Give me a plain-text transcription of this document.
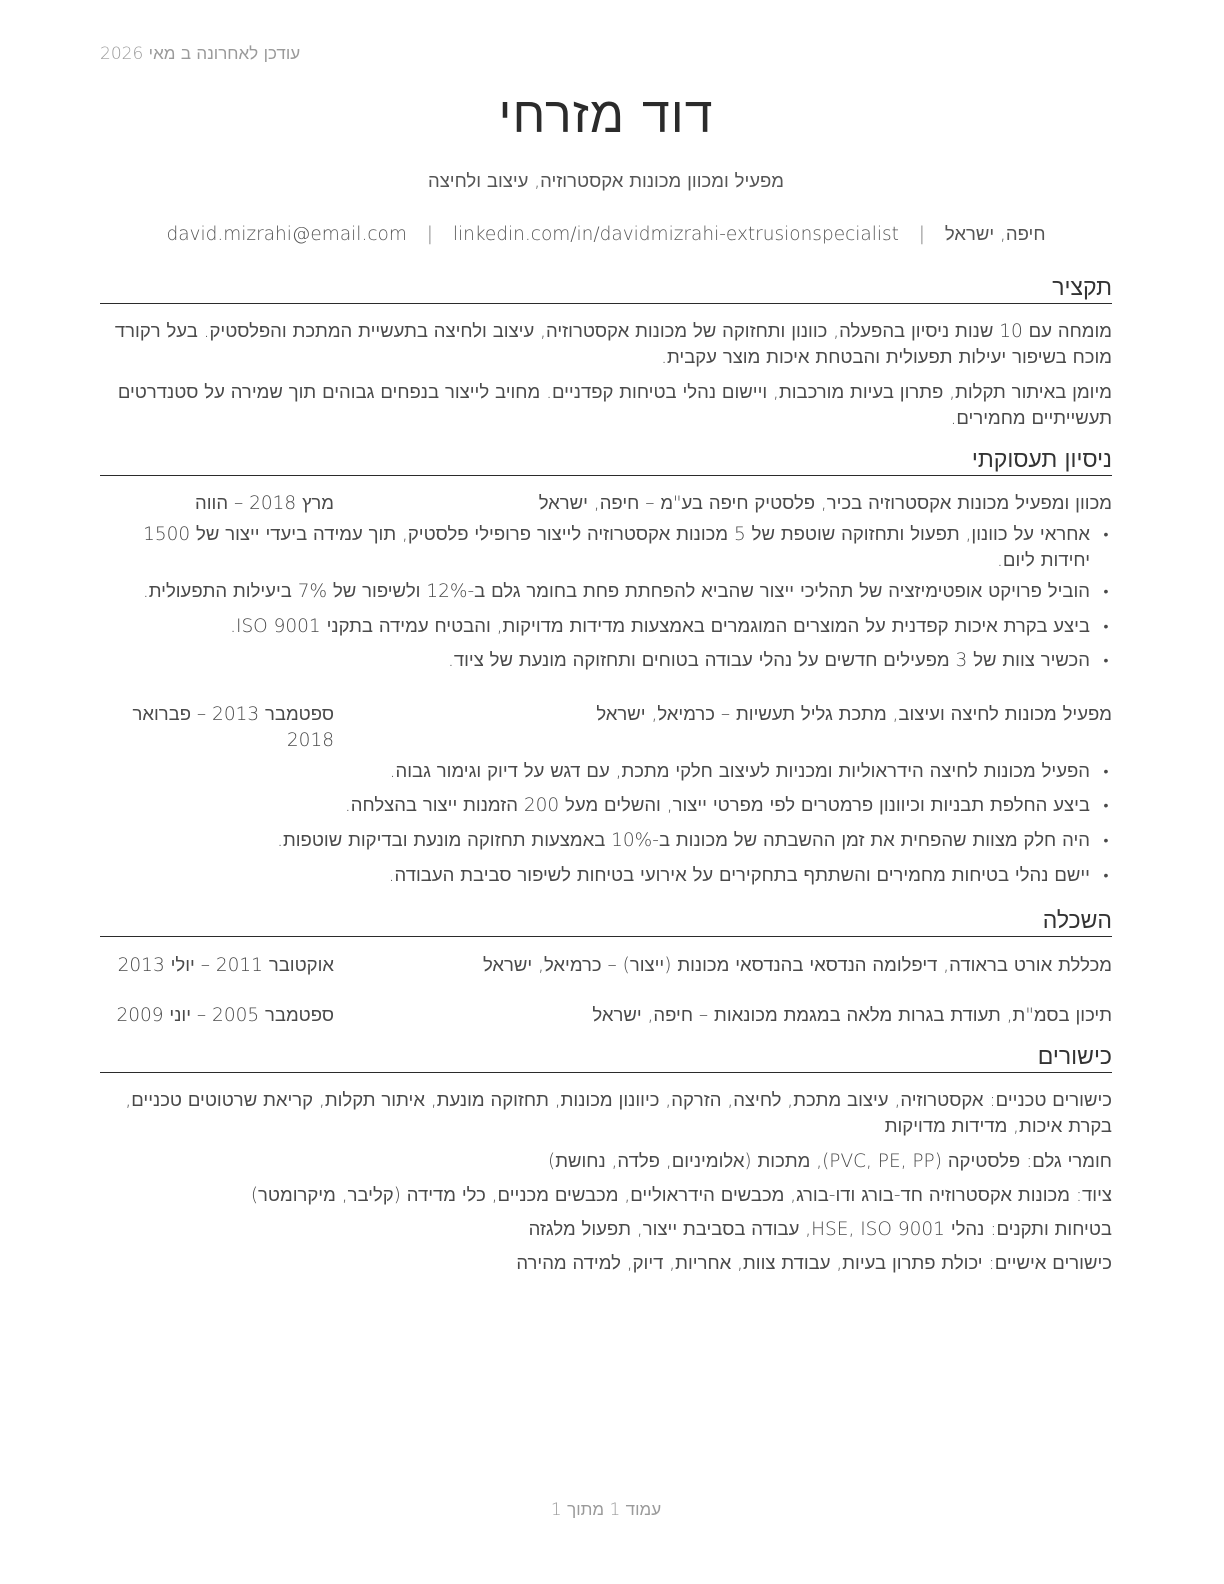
עודכן לאחרונה ב מאי 2026
דוד מזרחי
מפעיל ומכוון מכונות אקסטרוזיה, עיצוב ולחיצה
חיפה, ישראל | david.mizrahi@email.com | linkedin.com/in/davidmizrahi-extrusionspecialist
תקציר
מומחה עם 10 שנות ניסיון בהפעלה, כוונון ותחזוקה של מכונות אקסטרוזיה, עיצוב ולחיצה בתעשיית המתכת והפלסטיק. בעל רקורד מוכח בשיפור יעילות תפעולית והבטחת איכות מוצר עקבית.
מיומן באיתור תקלות, פתרון בעיות מורכבות, ויישום נהלי בטיחות קפדניים. מחויב לייצור בנפחים גבוהים תוך שמירה על סטנדרטים תעשייתיים מחמירים.
ניסיון תעסוקתי
מכוון ומפעיל מכונות אקסטרוזיה בכיר, פלסטיק חיפה בע"מ – חיפה, ישראל
מרץ 2018 – הווה
• אחראי על כוונון, תפעול ותחזוקה שוטפת של 5 מכונות אקסטרוזיה לייצור פרופילי פלסטיק, תוך עמידה ביעדי ייצור של 1500 יחידות ליום.
• הוביל פרויקט אופטימיזציה של תהליכי ייצור שהביא להפחתת פחת בחומר גלם ב-12% ולשיפור של 7% ביעילות התפעולית.
• ביצע בקרת איכות קפדנית על המוצרים המוגמרים באמצעות מדידות מדויקות, והבטיח עמידה בתקני ISO 9001.
• הכשיר צוות של 3 מפעילים חדשים על נהלי עבודה בטוחים ותחזוקה מונעת של ציוד.
מפעיל מכונות לחיצה ועיצוב, מתכת גליל תעשיות – כרמיאל, ישראל
ספטמבר 2013 – פברואר 2018
• הפעיל מכונות לחיצה הידראוליות ומכניות לעיצוב חלקי מתכת, עם דגש על דיוק וגימור גבוה.
• ביצע החלפת תבניות וכיוונון פרמטרים לפי מפרטי ייצור, והשלים מעל 200 הזמנות ייצור בהצלחה.
• היה חלק מצוות שהפחית את זמן ההשבתה של מכונות ב-10% באמצעות תחזוקה מונעת ובדיקות שוטפות.
• יישם נהלי בטיחות מחמירים והשתתף בתחקירים על אירועי בטיחות לשיפור סביבת העבודה.
השכלה
מכללת אורט בראודה, דיפלומה הנדסאי בהנדסאי מכונות (ייצור) – כרמיאל, ישראל
אוקטובר 2011 – יולי 2013
תיכון בסמ"ת, תעודת בגרות מלאה במגמת מכונאות – חיפה, ישראל
ספטמבר 2005 – יוני 2009
כישורים
כישורים טכניים: אקסטרוזיה, עיצוב מתכת, לחיצה, הזרקה, כיוונון מכונות, תחזוקה מונעת, איתור תקלות, קריאת שרטוטים טכניים, בקרת איכות, מדידות מדויקות
חומרי גלם: פלסטיקה (PVC, PE, PP), מתכות (אלומיניום, פלדה, נחושת)
ציוד: מכונות אקסטרוזיה חד-בורג ודו-בורג, מכבשים הידראוליים, מכבשים מכניים, כלי מדידה (קליבר, מיקרומטר)
בטיחות ותקנים: נהלי HSE, ISO 9001, עבודה בסביבת ייצור, תפעול מלגזה
כישורים אישיים: יכולת פתרון בעיות, עבודת צוות, אחריות, דיוק, למידה מהירה
עמוד 1 מתוך 1
